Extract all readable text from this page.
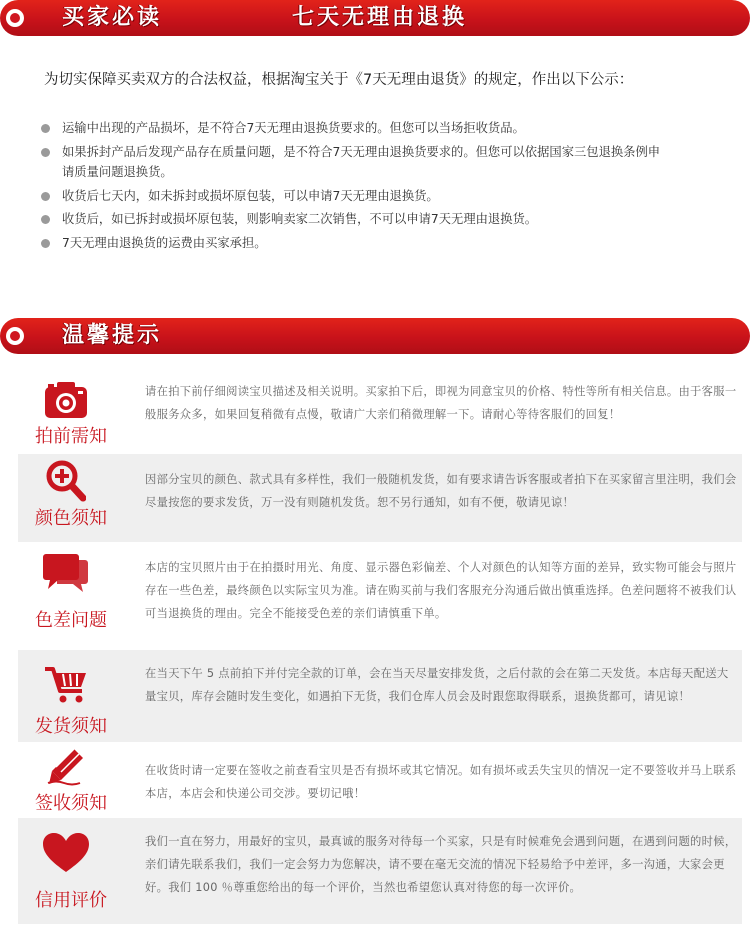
买家必读	七天无理由退换
为切实保障买卖双方的合法权益，根据淘宝关于《7天无理由退货》的规定，作出以下公示：
运输中出现的产品损坏，是不符合7天无理由退换货要求的。但您可以当场拒收货品。
如果拆封产品后发现产品存在质量问题，是不符合7天无理由退换货要求的。但您可以依据国家三包退换条例申请质量问题退换货。
收货后七天内，如未拆封或损坏原包装，可以申请7天无理由退换货。
收货后，如已拆封或损坏原包装，则影响卖家二次销售，不可以申请7天无理由退换货。
7天无理由退换货的运费由买家承担。
温馨提示
拍前需知
请在拍下前仔细阅读宝贝描述及相关说明。买家拍下后，即视为同意宝贝的价格、特性等所有相关信息。由于客服一般服务众多，如果回复稍微有点慢，敬请广大亲们稍微理解一下。请耐心等待客服们的回复！
颜色须知
因部分宝贝的颜色、款式具有多样性，我们一般随机发货，如有要求请告诉客服或者拍下在买家留言里注明，我们会尽量按您的要求发货，万一没有则随机发货。恕不另行通知，如有不便，敬请见谅！
色差问题
本店的宝贝照片由于在拍摄时用光、角度、显示器色彩偏差、个人对颜色的认知等方面的差异，致实物可能会与照片存在一些色差，最终颜色以实际宝贝为准。请在购买前与我们客服充分沟通后做出慎重选择。色差问题将不被我们认可当退换货的理由。完全不能接受色差的亲们请慎重下单。
发货须知
在当天下午 5 点前拍下并付完全款的订单，会在当天尽量安排发货，之后付款的会在第二天发货。本店每天配送大量宝贝，库存会随时发生变化，如遇拍下无货，我们仓库人员会及时跟您取得联系，退换货都可，请见谅！
签收须知
在收货时请一定要在签收之前查看宝贝是否有损坏或其它情况。如有损坏或丢失宝贝的情况一定不要签收并马上联系本店，本店会和快递公司交涉。要切记哦！
信用评价
我们一直在努力，用最好的宝贝，最真诚的服务对待每一个买家，只是有时候难免会遇到问题，在遇到问题的时候，亲们请先联系我们，我们一定会努力为您解决，请不要在毫无交流的情况下轻易给予中差评，多一沟通，大家会更好。我们 100 ％尊重您给出的每一个评价，当然也希望您认真对待您的每一次评价。
